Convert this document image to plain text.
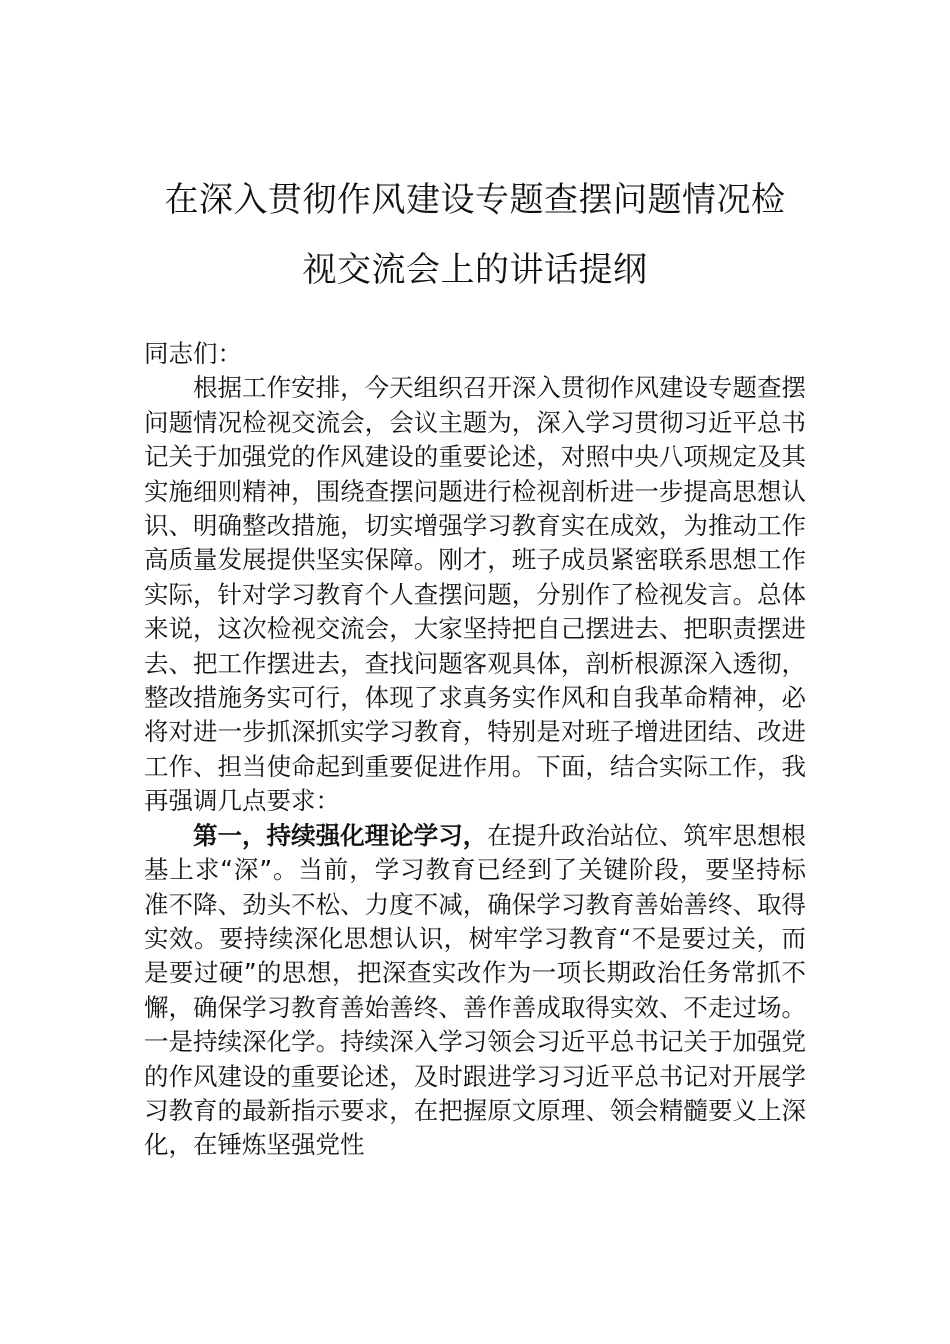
在深入贯彻作风建设专题查摆问题情况检
视交流会上的讲话提纲

同志们：

根据工作安排，今天组织召开深入贯彻作风建设专题查摆问题情况检视交流会，会议主题为，深入学习贯彻习近平总书记关于加强党的作风建设的重要论述，对照中央八项规定及其实施细则精神，围绕查摆问题进行检视剖析进一步提高思想认识、明确整改措施，切实增强学习教育实在成效，为推动工作高质量发展提供坚实保障。刚才，班子成员紧密联系思想工作实际，针对学习教育个人查摆问题，分别作了检视发言。总体来说，这次检视交流会，大家坚持把自己摆进去、把职责摆进去、把工作摆进去，查找问题客观具体，剖析根源深入透彻，整改措施务实可行，体现了求真务实作风和自我革命精神，必将对进一步抓深抓实学习教育，特别是对班子增进团结、改进工作、担当使命起到重要促进作用。下面，结合实际工作，我再强调几点要求：

第一，持续强化理论学习，在提升政治站位、筑牢思想根基上求“深”。当前，学习教育已经到了关键阶段，要坚持标准不降、劲头不松、力度不减，确保学习教育善始善终、取得实效。要持续深化思想认识，树牢学习教育“不是要过关，而是要过硬”的思想，把深查实改作为一项长期政治任务常抓不懈，确保学习教育善始善终、善作善成取得实效、不走过场。一是持续深化学。持续深入学习领会习近平总书记关于加强党的作风建设的重要论述，及时跟进学习习近平总书记对开展学习教育的最新指示要求，在把握原文原理、领会精髓要义上深化，在锤炼坚强党性
